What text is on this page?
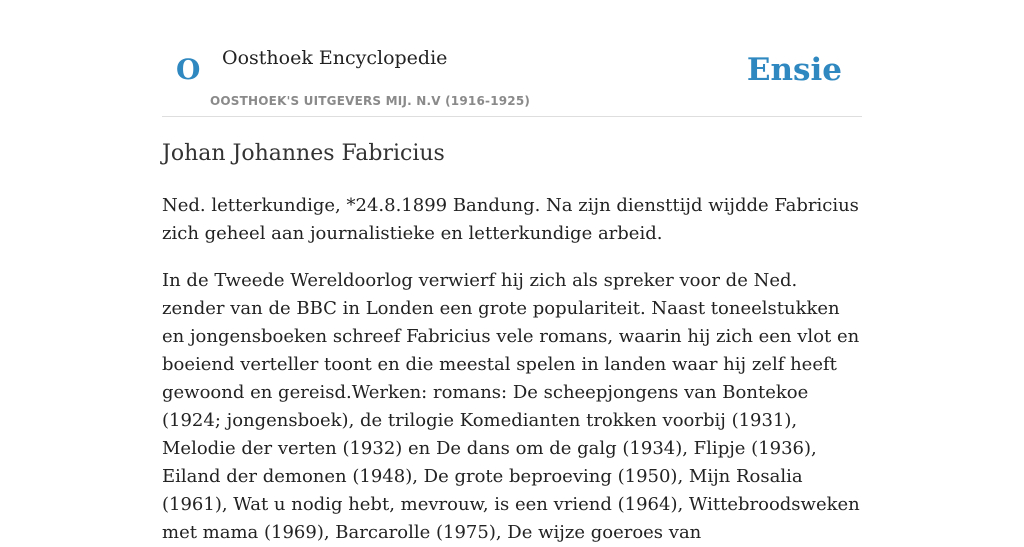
O Oosthoek Encyclopedie
OOSTHOEK'S UITGEVERS MIJ. N.V (1916-1925)
Ensie
Johan Johannes Fabricius

Ned. letterkundige, *24.8.1899 Bandung. Na zijn diensttijd wijdde Fabricius zich geheel aan journalistieke en letterkundige arbeid.

In de Tweede Wereldoorlog verwierf hij zich als spreker voor de Ned. zender van de BBC in Londen een grote populariteit. Naast toneelstukken en jongensboeken schreef Fabricius vele romans, waarin hij zich een vlot en boeiend verteller toont en die meestal spelen in landen waar hij zelf heeft gewoond en gereisd.Werken: romans: De scheepjongens van Bontekoe (1924; jongensboek), de trilogie Komedianten trokken voorbij (1931), Melodie der verten (1932) en De dans om de galg (1934), Flipje (1936), Eiland der demonen (1948), De grote beproeving (1950), Mijn Rosalia (1961), Wat u nodig hebt, mevrouw, is een vriend (1964), Wittebroodsweken met mama (1969), Barcarolle (1975), De wijze goeroes van
